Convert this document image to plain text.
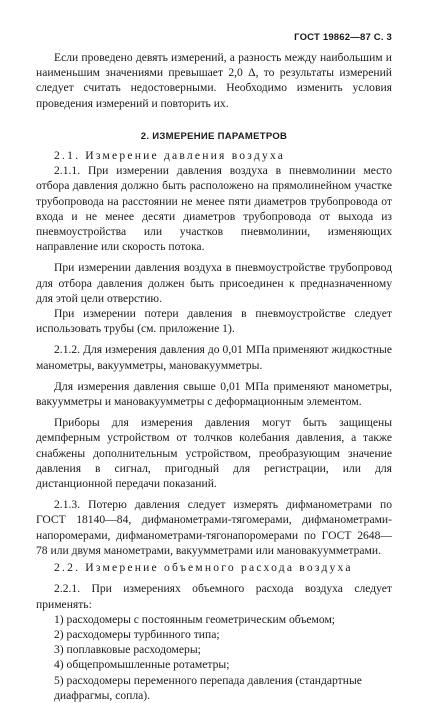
ГОСТ 19862—87 С. 3

Если проведено девять измерений, а разность между наибольшим и наименьшим значениями превышает 2,0 Δ, то результаты измерений следует считать недостоверными. Необходимо изменить условия проведения измерений и повторить их.

2. ИЗМЕРЕНИЕ ПАРАМЕТРОВ

2.1. Измерение давления воздуха

2.1.1. При измерении давления воздуха в пневмолинии место отбора давления должно быть расположено на прямолинейном участке трубопровода на расстоянии не менее пяти диаметров трубопровода от входа и не менее десяти диаметров трубопровода от выхода из пневмоустройства или участков пневмолинии, изменяющих направление или скорость потока.

При измерении давления воздуха в пневмоустройстве трубопровод для отбора давления должен быть присоединен к предназначенному для этой цели отверстию.

При измерении потери давления в пневмоустройстве следует использовать трубы (см. приложение 1).

2.1.2. Для измерения давления до 0,01 МПа применяют жидкостные манометры, вакуумметры, мановакуумметры.

Для измерения давления свыше 0,01 МПа применяют манометры, вакуумметры и мановакуумметры с деформационным элементом.

Приборы для измерения давления могут быть защищены демпферным устройством от толчков колебания давления, а также снабжены дополнительным устройством, преобразующим значение давления в сигнал, пригодный для регистрации, или для дистанционной передачи показаний.

2.1.3. Потерю давления следует измерять дифманометрами по ГОСТ 18140—84, дифманометрами-тягомерами, дифманометрами-напоромерами, дифманометрами-тягонапоромерами по ГОСТ 2648—78 или двумя манометрами, вакуумметрами или мановакуумметрами.

2.2. Измерение объемного расхода воздуха

2.2.1. При измерениях объемного расхода воздуха следует применять:

1) расходомеры с постоянным геометрическим объемом;
2) расходомеры турбинного типа;
3) поплавковые расходомеры;
4) общепромышленные ротаметры;
5) расходомеры переменного перепада давления (стандартные диафрагмы, сопла).
